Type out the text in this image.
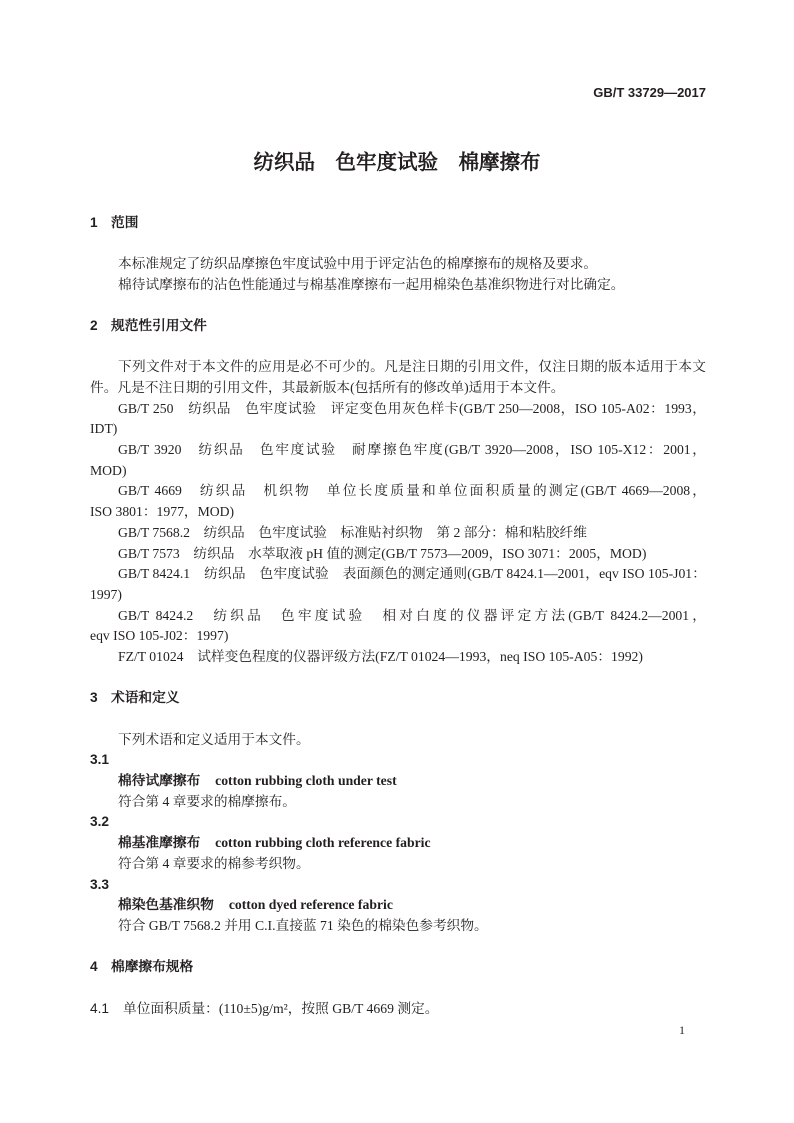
GB/T 33729—2017
纺织品　色牢度试验　棉摩擦布
1 范围
本标准规定了纺织品摩擦色牢度试验中用于评定沾色的棉摩擦布的规格及要求。
棉待试摩擦布的沾色性能通过与棉基准摩擦布一起用棉染色基准织物进行对比确定。
2 规范性引用文件
下列文件对于本文件的应用是必不可少的。凡是注日期的引用文件，仅注日期的版本适用于本文
件。凡是不注日期的引用文件，其最新版本(包括所有的修改单)适用于本文件。
GB/T 250　纺织品　色牢度试验　评定变色用灰色样卡(GB/T 250—2008，ISO 105-A02：1993，
IDT)
GB/T 3920　纺织品　色牢度试验　耐摩擦色牢度(GB/T 3920—2008，ISO 105-X12：2001，
MOD)
GB/T 4669　纺织品　机织物　单位长度质量和单位面积质量的测定(GB/T 4669—2008，
ISO 3801：1977，MOD)
GB/T 7568.2　纺织品　色牢度试验　标准贴衬织物　第 2 部分：棉和粘胶纤维
GB/T 7573　纺织品　水萃取液 pH 值的测定(GB/T 7573—2009，ISO 3071：2005，MOD)
GB/T 8424.1　纺织品　色牢度试验　表面颜色的测定通则(GB/T 8424.1—2001，eqv ISO 105-J01：
1997)
GB/T 8424.2　纺织品　色牢度试验　相对白度的仪器评定方法(GB/T 8424.2—2001，
eqv ISO 105-J02：1997)
FZ/T 01024　试样变色程度的仪器评级方法(FZ/T 01024—1993，neq ISO 105-A05：1992)
3 术语和定义
下列术语和定义适用于本文件。
3.1
棉待试摩擦布 cotton rubbing cloth under test
符合第 4 章要求的棉摩擦布。
3.2
棉基准摩擦布 cotton rubbing cloth reference fabric
符合第 4 章要求的棉参考织物。
3.3
棉染色基准织物 cotton dyed reference fabric
符合 GB/T 7568.2 并用 C.I.直接蓝 71 染色的棉染色参考织物。
4 棉摩擦布规格
4.1 单位面积质量：(110±5)g/m²，按照 GB/T 4669 测定。
1
